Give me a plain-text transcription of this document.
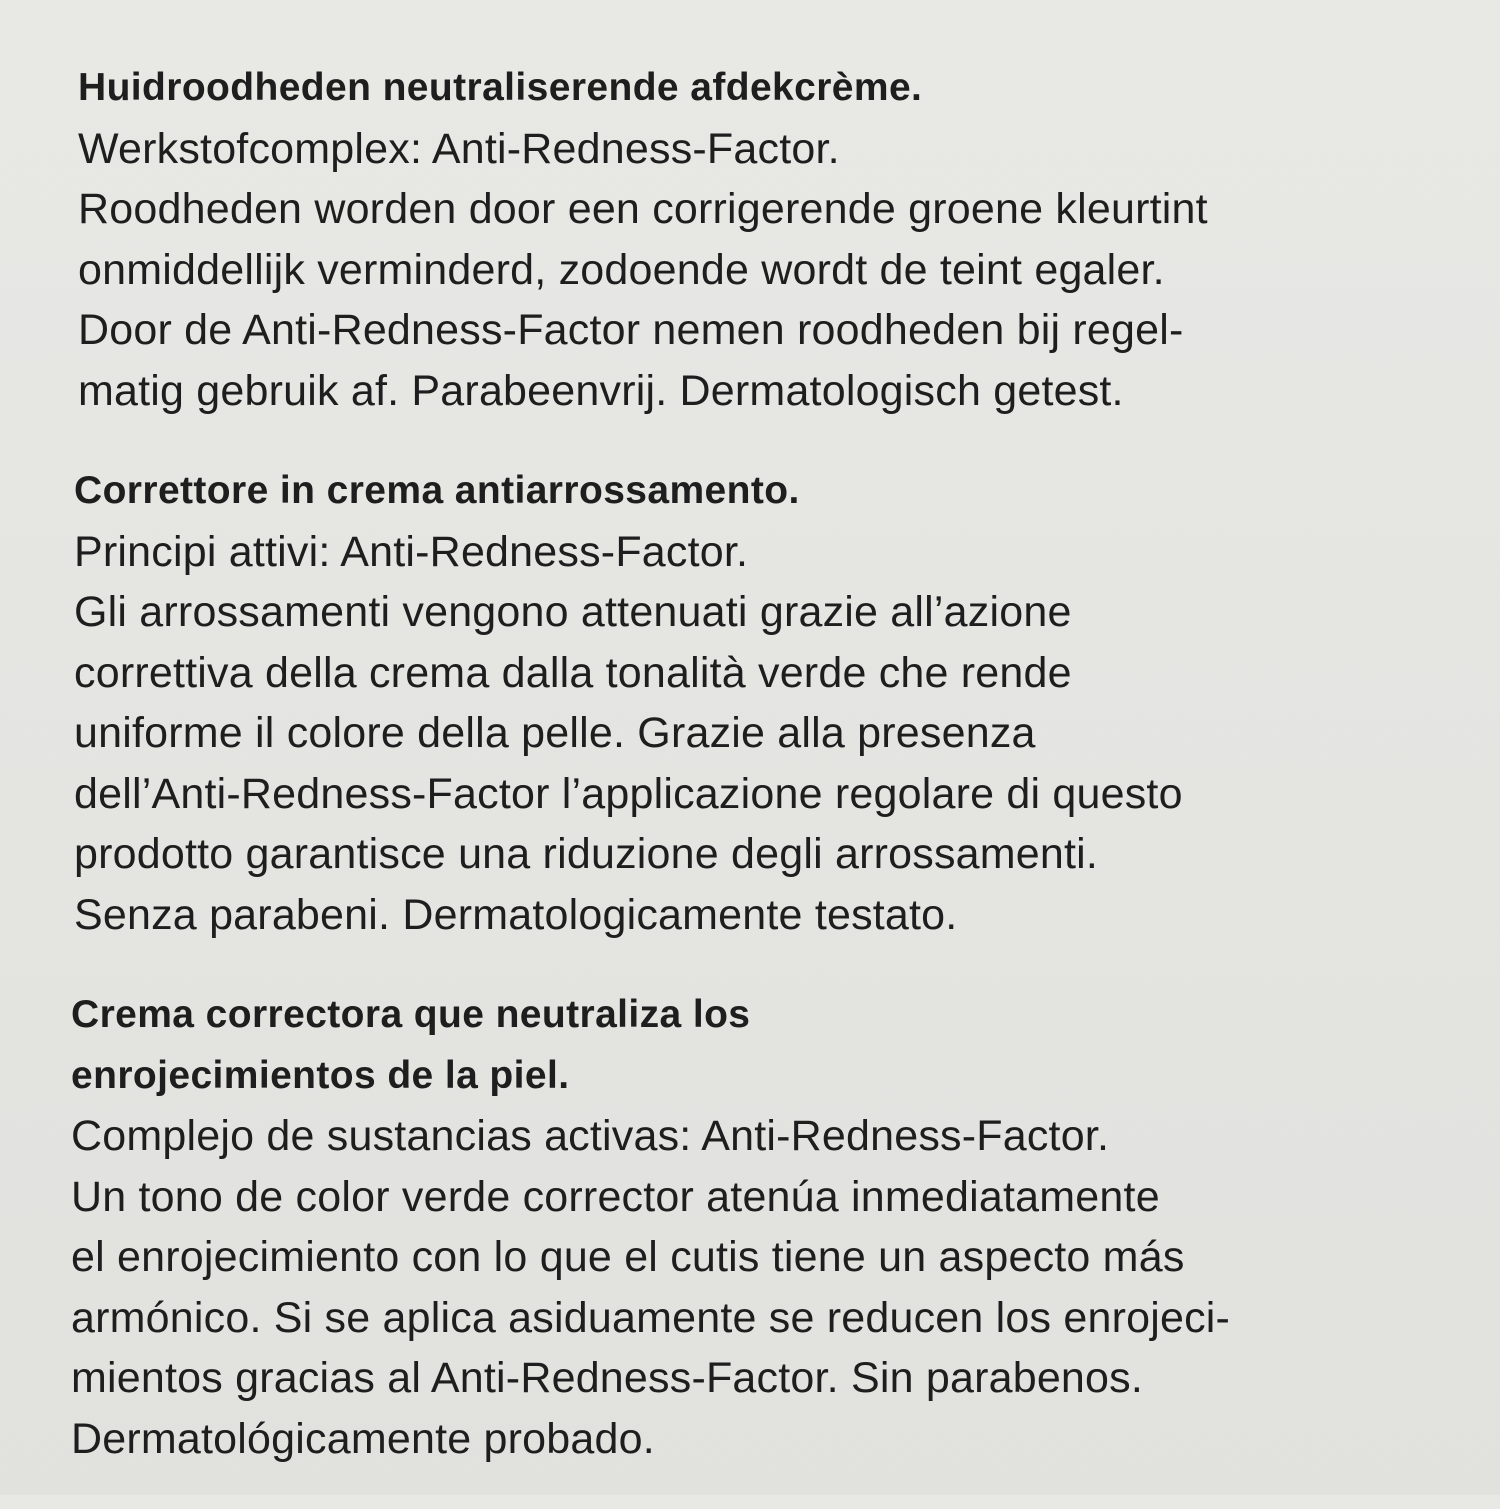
Huidroodheden neutraliserende afdekcrème.
Werkstofcomplex: Anti-Redness-Factor.
Roodheden worden door een corrigerende groene kleurtint
onmiddellijk verminderd, zodoende wordt de teint egaler.
Door de Anti-Redness-Factor nemen roodheden bij regel-
matig gebruik af. Parabeenvrij. Dermatologisch getest.
Correttore in crema antiarrossamento.
Principi attivi: Anti-Redness-Factor.
Gli arrossamenti vengono attenuati grazie all’azione
correttiva della crema dalla tonalità verde che rende
uniforme il colore della pelle. Grazie alla presenza
dell’Anti-Redness-Factor l’applicazione regolare di questo
prodotto garantisce una riduzione degli arrossamenti.
Senza parabeni. Dermatologicamente testato.
Crema correctora que neutraliza los
enrojecimientos de la piel.
Complejo de sustancias activas: Anti-Redness-Factor.
Un tono de color verde corrector atenúa inmediatamente
el enrojecimiento con lo que el cutis tiene un aspecto más
armónico. Si se aplica asiduamente se reducen los enrojeci-
mientos gracias al Anti-Redness-Factor. Sin parabenos.
Dermatológicamente probado.
